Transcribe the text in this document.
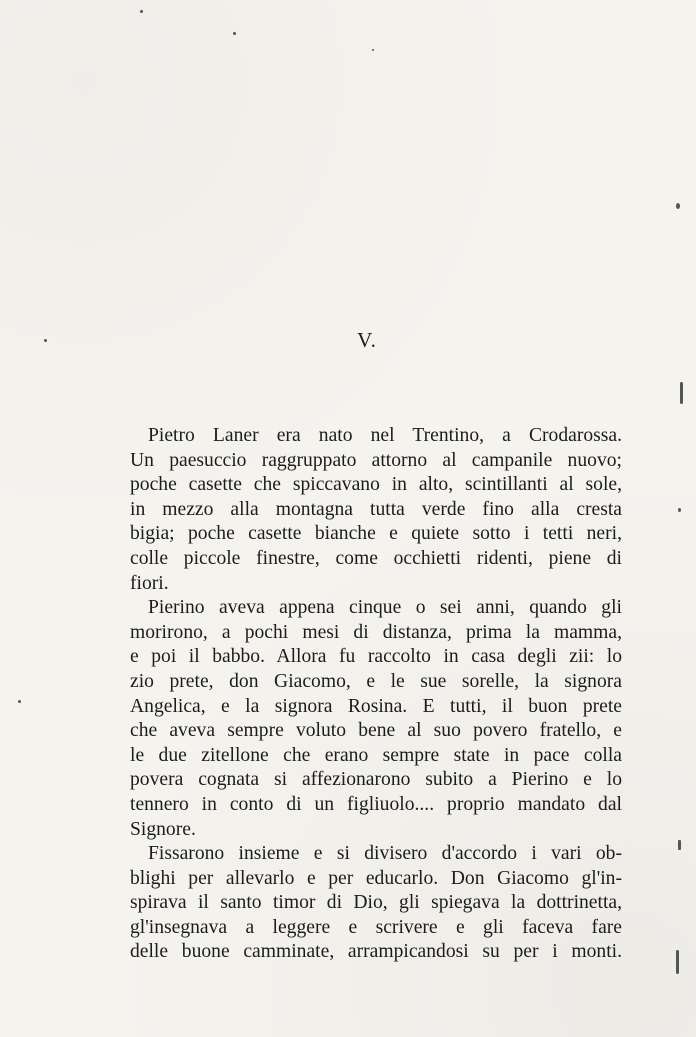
V.
Pietro Laner era nato nel Trentino, a Crodarossa.
Un paesuccio raggruppato attorno al campanile nuovo;
poche casette che spiccavano in alto, scintillanti al sole,
in mezzo alla montagna tutta verde fino alla cresta
bigia; poche casette bianche e quiete sotto i tetti neri,
colle piccole finestre, come occhietti ridenti, piene di
fiori.
Pierino aveva appena cinque o sei anni, quando gli
morirono, a pochi mesi di distanza, prima la mamma,
e poi il babbo. Allora fu raccolto in casa degli zii: lo
zio prete, don Giacomo, e le sue sorelle, la signora
Angelica, e la signora Rosina. E tutti, il buon prete
che aveva sempre voluto bene al suo povero fratello, e
le due zitellone che erano sempre state in pace colla
povera cognata si affezionarono subito a Pierino e lo
tennero in conto di un figliuolo.... proprio mandato dal
Signore.
Fissarono insieme e si divisero d'accordo i vari ob-
blighi per allevarlo e per educarlo. Don Giacomo gl'in-
spirava il santo timor di Dio, gli spiegava la dottrinetta,
gl'insegnava a leggere e scrivere e gli faceva fare
delle buone camminate, arrampicandosi su per i monti.
